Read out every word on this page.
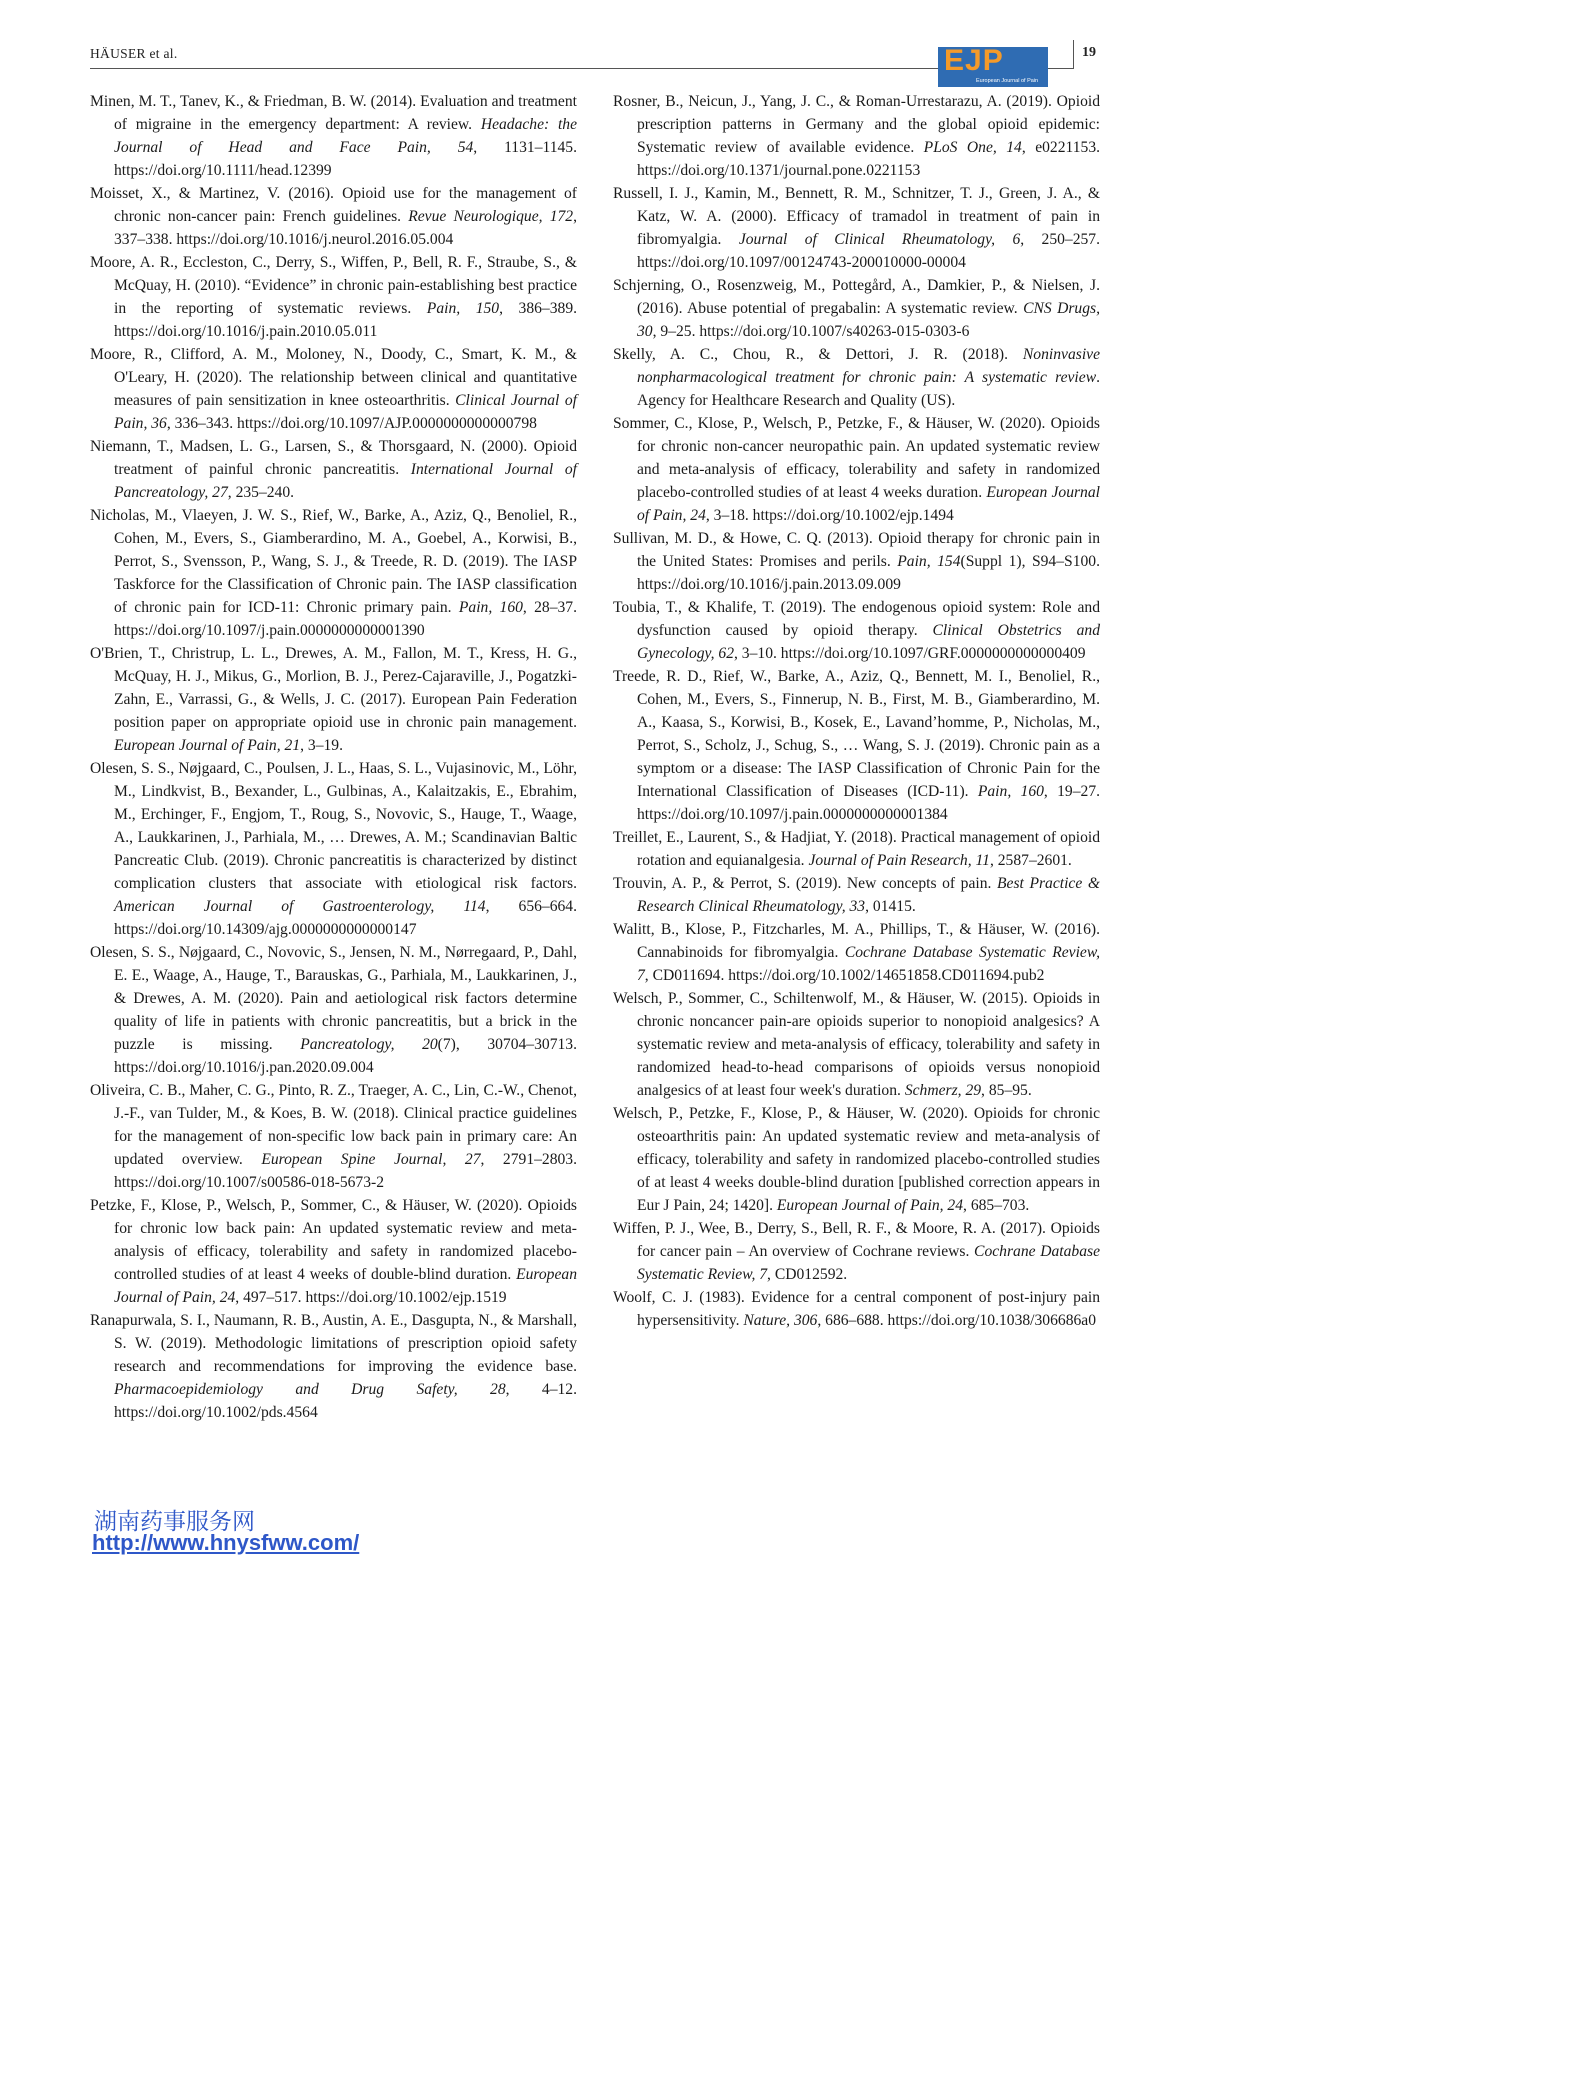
HÄUSER et al.	EJP
European Journal of Pain
19

Minen, M. T., Tanev, K., & Friedman, B. W. (2014). Evaluation and treatment of migraine in the emergency department: A review. Headache: the Journal of Head and Face Pain, 54, 1131–1145. https://doi.org/10.1111/head.12399

Moisset, X., & Martinez, V. (2016). Opioid use for the management of chronic non-cancer pain: French guidelines. Revue Neurologique, 172, 337–338. https://doi.org/10.1016/j.neurol.2016.05.004

Moore, A. R., Eccleston, C., Derry, S., Wiffen, P., Bell, R. F., Straube, S., & McQuay, H. (2010). “Evidence” in chronic pain-establishing best practice in the reporting of systematic reviews. Pain, 150, 386–389. https://doi.org/10.1016/j.pain.2010.05.011

Moore, R., Clifford, A. M., Moloney, N., Doody, C., Smart, K. M., & O'Leary, H. (2020). The relationship between clinical and quantitative measures of pain sensitization in knee osteoarthritis. Clinical Journal of Pain, 36, 336–343. https://doi.org/10.1097/AJP.0000000000000798

Niemann, T., Madsen, L. G., Larsen, S., & Thorsgaard, N. (2000). Opioid treatment of painful chronic pancreatitis. International Journal of Pancreatology, 27, 235–240.

Nicholas, M., Vlaeyen, J. W. S., Rief, W., Barke, A., Aziz, Q., Benoliel, R., Cohen, M., Evers, S., Giamberardino, M. A., Goebel, A., Korwisi, B., Perrot, S., Svensson, P., Wang, S. J., & Treede, R. D. (2019). The IASP Taskforce for the Classification of Chronic pain. The IASP classification of chronic pain for ICD-11: Chronic primary pain. Pain, 160, 28–37. https://doi.org/10.1097/j.pain.0000000000001390

O'Brien, T., Christrup, L. L., Drewes, A. M., Fallon, M. T., Kress, H. G., McQuay, H. J., Mikus, G., Morlion, B. J., Perez-Cajaraville, J., Pogatzki-Zahn, E., Varrassi, G., & Wells, J. C. (2017). European Pain Federation position paper on appropriate opioid use in chronic pain management. European Journal of Pain, 21, 3–19.

Olesen, S. S., Nøjgaard, C., Poulsen, J. L., Haas, S. L., Vujasinovic, M., Löhr, M., Lindkvist, B., Bexander, L., Gulbinas, A., Kalaitzakis, E., Ebrahim, M., Erchinger, F., Engjom, T., Roug, S., Novovic, S., Hauge, T., Waage, A., Laukkarinen, J., Parhiala, M., … Drewes, A. M.; Scandinavian Baltic Pancreatic Club. (2019). Chronic pancreatitis is characterized by distinct complication clusters that associate with etiological risk factors. American Journal of Gastroenterology, 114, 656–664. https://doi.org/10.14309/ajg.0000000000000147

Olesen, S. S., Nøjgaard, C., Novovic, S., Jensen, N. M., Nørregaard, P., Dahl, E. E., Waage, A., Hauge, T., Barauskas, G., Parhiala, M., Laukkarinen, J., & Drewes, A. M. (2020). Pain and aetiological risk factors determine quality of life in patients with chronic pancreatitis, but a brick in the puzzle is missing. Pancreatology, 20(7), 30704–30713. https://doi.org/10.1016/j.pan.2020.09.004

Oliveira, C. B., Maher, C. G., Pinto, R. Z., Traeger, A. C., Lin, C.-W., Chenot, J.-F., van Tulder, M., & Koes, B. W. (2018). Clinical practice guidelines for the management of non-specific low back pain in primary care: An updated overview. European Spine Journal, 27, 2791–2803. https://doi.org/10.1007/s00586-018-5673-2

Petzke, F., Klose, P., Welsch, P., Sommer, C., & Häuser, W. (2020). Opioids for chronic low back pain: An updated systematic review and meta-analysis of efficacy, tolerability and safety in randomized placebo-controlled studies of at least 4 weeks of double-blind duration. European Journal of Pain, 24, 497–517. https://doi.org/10.1002/ejp.1519

Ranapurwala, S. I., Naumann, R. B., Austin, A. E., Dasgupta, N., & Marshall, S. W. (2019). Methodologic limitations of prescription opioid safety research and recommendations for improving the evidence base. Pharmacoepidemiology and Drug Safety, 28, 4–12. https://doi.org/10.1002/pds.4564

Rosner, B., Neicun, J., Yang, J. C., & Roman-Urrestarazu, A. (2019). Opioid prescription patterns in Germany and the global opioid epidemic: Systematic review of available evidence. PLoS One, 14, e0221153. https://doi.org/10.1371/journal.pone.0221153

Russell, I. J., Kamin, M., Bennett, R. M., Schnitzer, T. J., Green, J. A., & Katz, W. A. (2000). Efficacy of tramadol in treatment of pain in fibromyalgia. Journal of Clinical Rheumatology, 6, 250–257. https://doi.org/10.1097/00124743-200010000-00004

Schjerning, O., Rosenzweig, M., Pottegård, A., Damkier, P., & Nielsen, J. (2016). Abuse potential of pregabalin: A systematic review. CNS Drugs, 30, 9–25. https://doi.org/10.1007/s40263-015-0303-6

Skelly, A. C., Chou, R., & Dettori, J. R. (2018). Noninvasive nonpharmacological treatment for chronic pain: A systematic review. Agency for Healthcare Research and Quality (US).

Sommer, C., Klose, P., Welsch, P., Petzke, F., & Häuser, W. (2020). Opioids for chronic non-cancer neuropathic pain. An updated systematic review and meta-analysis of efficacy, tolerability and safety in randomized placebo-controlled studies of at least 4 weeks duration. European Journal of Pain, 24, 3–18. https://doi.org/10.1002/ejp.1494

Sullivan, M. D., & Howe, C. Q. (2013). Opioid therapy for chronic pain in the United States: Promises and perils. Pain, 154(Suppl 1), S94–S100. https://doi.org/10.1016/j.pain.2013.09.009

Toubia, T., & Khalife, T. (2019). The endogenous opioid system: Role and dysfunction caused by opioid therapy. Clinical Obstetrics and Gynecology, 62, 3–10. https://doi.org/10.1097/GRF.0000000000000409

Treede, R. D., Rief, W., Barke, A., Aziz, Q., Bennett, M. I., Benoliel, R., Cohen, M., Evers, S., Finnerup, N. B., First, M. B., Giamberardino, M. A., Kaasa, S., Korwisi, B., Kosek, E., Lavand’homme, P., Nicholas, M., Perrot, S., Scholz, J., Schug, S., … Wang, S. J. (2019). Chronic pain as a symptom or a disease: The IASP Classification of Chronic Pain for the International Classification of Diseases (ICD-11). Pain, 160, 19–27. https://doi.org/10.1097/j.pain.0000000000001384

Treillet, E., Laurent, S., & Hadjiat, Y. (2018). Practical management of opioid rotation and equianalgesia. Journal of Pain Research, 11, 2587–2601.

Trouvin, A. P., & Perrot, S. (2019). New concepts of pain. Best Practice & Research Clinical Rheumatology, 33, 01415.

Walitt, B., Klose, P., Fitzcharles, M. A., Phillips, T., & Häuser, W. (2016). Cannabinoids for fibromyalgia. Cochrane Database Systematic Review, 7, CD011694. https://doi.org/10.1002/14651858.CD011694.pub2

Welsch, P., Sommer, C., Schiltenwolf, M., & Häuser, W. (2015). Opioids in chronic noncancer pain-are opioids superior to nonopioid analgesics? A systematic review and meta-analysis of efficacy, tolerability and safety in randomized head-to-head comparisons of opioids versus nonopioid analgesics of at least four week's duration. Schmerz, 29, 85–95.

Welsch, P., Petzke, F., Klose, P., & Häuser, W. (2020). Opioids for chronic osteoarthritis pain: An updated systematic review and meta-analysis of efficacy, tolerability and safety in randomized placebo-controlled studies of at least 4 weeks double-blind duration [published correction appears in Eur J Pain, 24; 1420]. European Journal of Pain, 24, 685–703.

Wiffen, P. J., Wee, B., Derry, S., Bell, R. F., & Moore, R. A. (2017). Opioids for cancer pain – An overview of Cochrane reviews. Cochrane Database Systematic Review, 7, CD012592.

Woolf, C. J. (1983). Evidence for a central component of post-injury pain hypersensitivity. Nature, 306, 686–688. https://doi.org/10.1038/306686a0

湖南药事服务网
http://www.hnysfww.com/
